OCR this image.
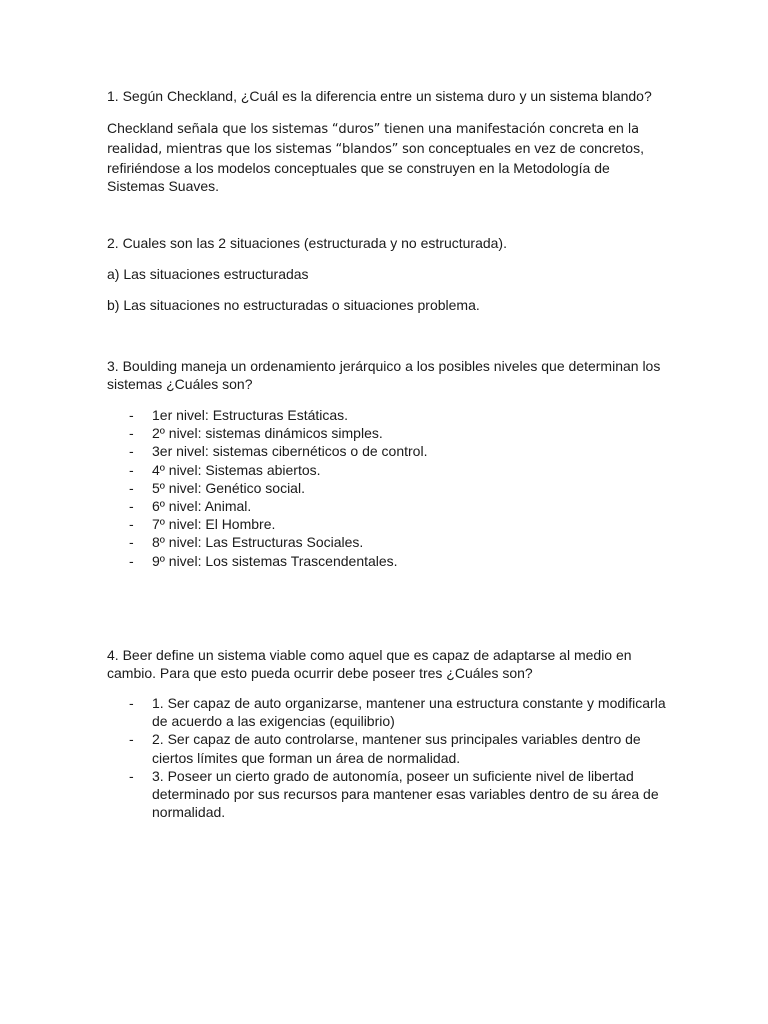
1. Según Checkland, ¿Cuál es la diferencia entre un sistema duro y un sistema blando?

Checkland señala que los sistemas “duros” tienen una manifestación concreta en la realidad, mientras que los sistemas “blandos” son conceptuales en vez de concretos, refiriéndose a los modelos conceptuales que se construyen en la Metodología de Sistemas Suaves.

2. Cuales son las 2 situaciones (estructurada y no estructurada).

a) Las situaciones estructuradas

b) Las situaciones no estructuradas o situaciones problema.

3. Boulding maneja un ordenamiento jerárquico a los posibles niveles que determinan los sistemas ¿Cuáles son?

- 1er nivel: Estructuras Estáticas.
- 2º nivel: sistemas dinámicos simples.
- 3er nivel: sistemas cibernéticos o de control.
- 4º nivel: Sistemas abiertos.
- 5º nivel: Genético social.
- 6º nivel: Animal.
- 7º nivel: El Hombre.
- 8º nivel: Las Estructuras Sociales.
- 9º nivel: Los sistemas Trascendentales.

4. Beer define un sistema viable como aquel que es capaz de adaptarse al medio en cambio. Para que esto pueda ocurrir debe poseer tres ¿Cuáles son?

- 1. Ser capaz de auto organizarse, mantener una estructura constante y modificarla de acuerdo a las exigencias (equilibrio)
- 2. Ser capaz de auto controlarse, mantener sus principales variables dentro de ciertos límites que forman un área de normalidad.
- 3. Poseer un cierto grado de autonomía, poseer un suficiente nivel de libertad determinado por sus recursos para mantener esas variables dentro de su área de normalidad.
